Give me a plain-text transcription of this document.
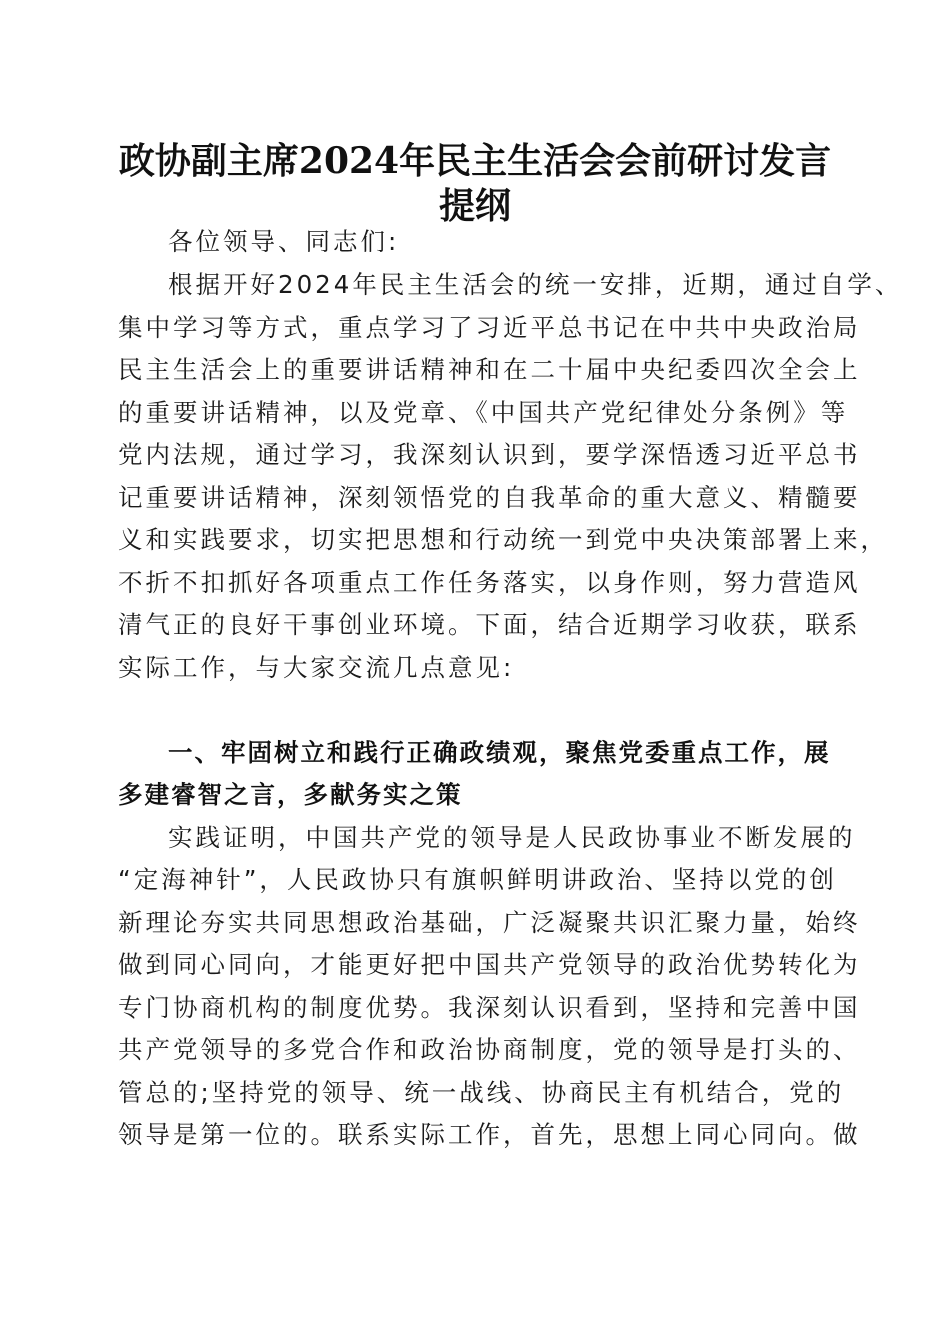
政协副主席2024年民主生活会会前研讨发言
提纲
各位领导、同志们:
根据开好2024年民主生活会的统一安排，近期，通过自学、
集中学习等方式，重点学习了习近平总书记在中共中央政治局
民主生活会上的重要讲话精神和在二十届中央纪委四次全会上
的重要讲话精神，以及党章、《中国共产党纪律处分条例》等
党内法规，通过学习，我深刻认识到，要学深悟透习近平总书
记重要讲话精神，深刻领悟党的自我革命的重大意义、精髓要
义和实践要求，切实把思想和行动统一到党中央决策部署上来，
不折不扣抓好各项重点工作任务落实，以身作则，努力营造风
清气正的良好干事创业环境。下面，结合近期学习收获，联系
实际工作，与大家交流几点意见:
一、牢固树立和践行正确政绩观，聚焦党委重点工作，展
多建睿智之言，多献务实之策
实践证明，中国共产党的领导是人民政协事业不断发展的
“定海神针”，人民政协只有旗帜鲜明讲政治、坚持以党的创
新理论夯实共同思想政治基础，广泛凝聚共识汇聚力量，始终
做到同心同向，才能更好把中国共产党领导的政治优势转化为
专门协商机构的制度优势。我深刻认识看到，坚持和完善中国
共产党领导的多党合作和政治协商制度，党的领导是打头的、
管总的;坚持党的领导、统一战线、协商民主有机结合，党的
领导是第一位的。联系实际工作，首先，思想上同心同向。做
